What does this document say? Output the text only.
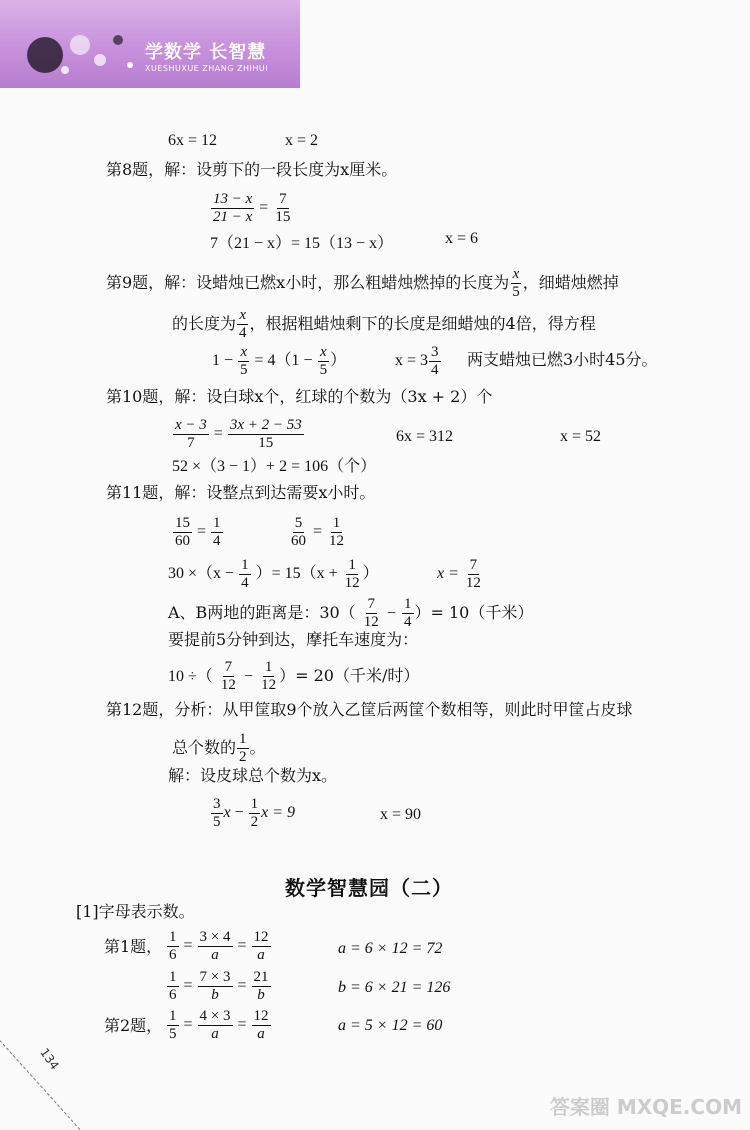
学数学 长智慧
XUESHUXUE ZHANG ZHIHUI
6x = 12	x = 2
第8题，解：设剪下的一段长度为x厘米。
$\frac{13 - x}{21 - x} = \frac{7}{15}$
7（21 − x）= 15（13 − x）	x = 6
第9题，解：设蜡烛已燃x小时，那么粗蜡烛燃掉的长度为 $\frac{x}{5}$ ，细蜡烛燃掉
的长度为 $\frac{x}{4}$ ，根据粗蜡烛剩下的长度是细蜡烛的4倍，得方程
$1 - \frac{x}{5} = 4(1 - \frac{x}{5}$ ）	$x = 3 \frac{3}{4}$ 两支蜡烛已燃3小时45分。
第10题，解：设白球x个，红球的个数为（3x + 2）个
$\frac{x - 3}{7} = \frac{3x + 2 - 53}{15}$	6x = 312	x = 52
52 ×（3 − 1）+ 2 = 106（个）
第11题，解：设整点到达需要x小时。
$\frac{15}{60} = \frac{1}{4}$	$\frac{5}{60} = \frac{1}{12}$
$30 \times(x - \frac{1}{4}$ ）= $15(x + \frac{1}{12}$ ）	$x = \frac{7}{12}$
A、B两地的距离是：$30( \frac{7}{12} - \frac{1}{4}$ ）= 10（千米）
要提前5分钟到达，摩托车速度为：
10 ÷（ $\frac{7}{12} - \frac{1}{12}$ ）= 20（千米/时）
第12题，分析：从甲筐取9个放入乙筐后两筐个数相等，则此时甲筐占皮球
总个数的 $\frac{1}{2}$ 。
解：设皮球总个数为x。
$\frac{3}{5}$ $x - \frac{1}{2}$ x = 9	x = 90
数学智慧园（二）
[1]字母表示数。
第1题， $\frac{1}{6} = \frac{3 \times 4}{a} = \frac{12}{a}$	a = 6 × 12 = 72
$\frac{1}{6} = \frac{7 \times 3}{b} = \frac{21}{b}$	b = 6 × 21 = 126
第2题， $\frac{1}{5} = \frac{4 \times 3}{a} = \frac{12}{a}$	a = 5 × 12 = 60
134
答案圈 MXQE.COM
